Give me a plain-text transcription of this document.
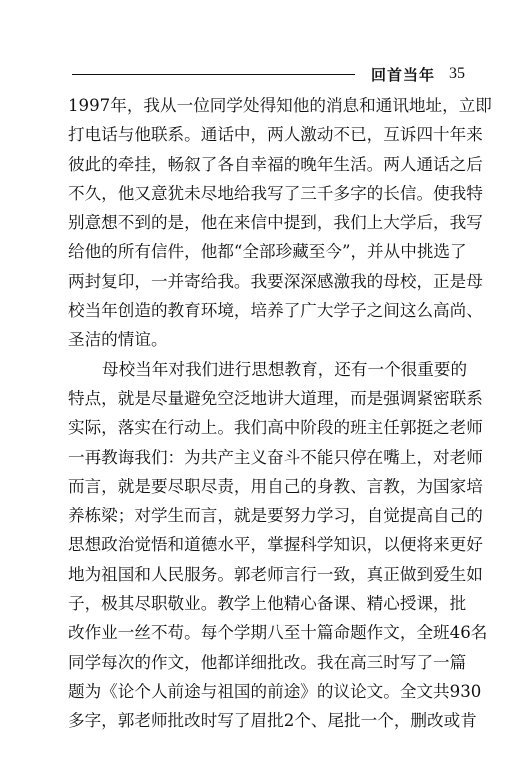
回首当年 35
1997年，我从一位同学处得知他的消息和通讯地址，立即
打电话与他联系。通话中，两人激动不已，互诉四十年来
彼此的牵挂，畅叙了各自幸福的晚年生活。两人通话之后
不久，他又意犹未尽地给我写了三千多字的长信。使我特
别意想不到的是，他在来信中提到，我们上大学后，我写
给他的所有信件，他都“全部珍藏至今”，并从中挑选了
两封复印，一并寄给我。我要深深感激我的母校，正是母
校当年创造的教育环境，培养了广大学子之间这么高尚、
圣洁的情谊。
母校当年对我们进行思想教育，还有一个很重要的
特点，就是尽量避免空泛地讲大道理，而是强调紧密联系
实际，落实在行动上。我们高中阶段的班主任郭挺之老师
一再教诲我们：为共产主义奋斗不能只停在嘴上，对老师
而言，就是要尽职尽责，用自己的身教、言教，为国家培
养栋梁；对学生而言，就是要努力学习，自觉提高自己的
思想政治觉悟和道德水平，掌握科学知识，以便将来更好
地为祖国和人民服务。郭老师言行一致，真正做到爱生如
子，极其尽职敬业。教学上他精心备课、精心授课，批
改作业一丝不苟。每个学期八至十篇命题作文，全班46名
同学每次的作文，他都详细批改。我在高三时写了一篇
题为《论个人前途与祖国的前途》的议论文。全文共930
多字，郭老师批改时写了眉批2个、尾批一个，删改或肯
